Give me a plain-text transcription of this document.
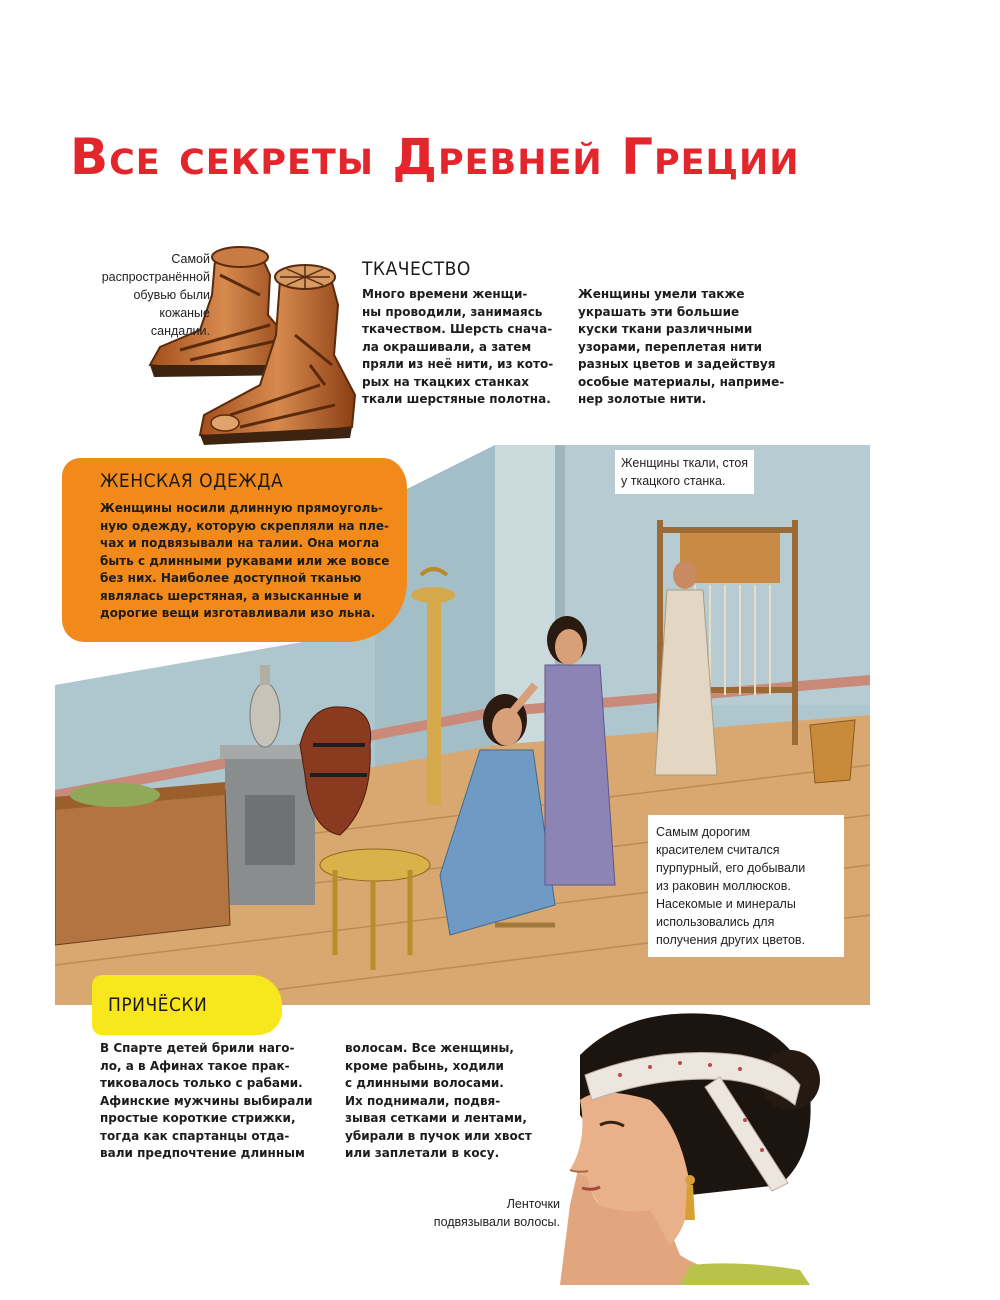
Все секреты Древней Греции

Самой

распространённой

обувью были

кожаные

сандалии.

ТКАЧЕСТВО

Много времени женщи-

ны проводили, занимаясь

ткачеством. Шерсть снача-

ла окрашивали, а затем

пряли из неё нити, из кото-

рых на ткацких станках

ткали шерстяные полотна.

Женщины умели также

украшать эти большие

куски ткани различными

узорами, переплетая нити

разных цветов и задействуя

особые материалы, наприме-

нер золотые нити.

Женщины ткали, стоя

у ткацкого станка.

ЖЕНСКАЯ ОДЕЖДА

Женщины носили длинную прямоуголь-

ную одежду, которую скрепляли на пле-

чах и подвязывали на талии. Она могла

быть с длинными рукавами или же вовсе

без них. Наиболее доступной тканью

являлась шерстяная, а изысканные и

дорогие вещи изготавливали изо льна.

Самым дорогим

красителем считался

пурпурный, его добывали

из раковин моллюсков.

Насекомые и минералы

использовались для

получения других цветов.

ПРИЧЁСКИ

В Спарте детей брили наго-

ло, а в Афинах такое прак-

тиковалось только с рабами.

Афинские мужчины выбирали

простые короткие стрижки,

тогда как спартанцы отда-

вали предпочтение длинным

волосам. Все женщины,

кроме рабынь, ходили

с длинными волосами.

Их поднимали, подвя-

зывая сетками и лентами,

убирали в пучок или хвост

или заплетали в косу.

Ленточки

подвязывали волосы.
